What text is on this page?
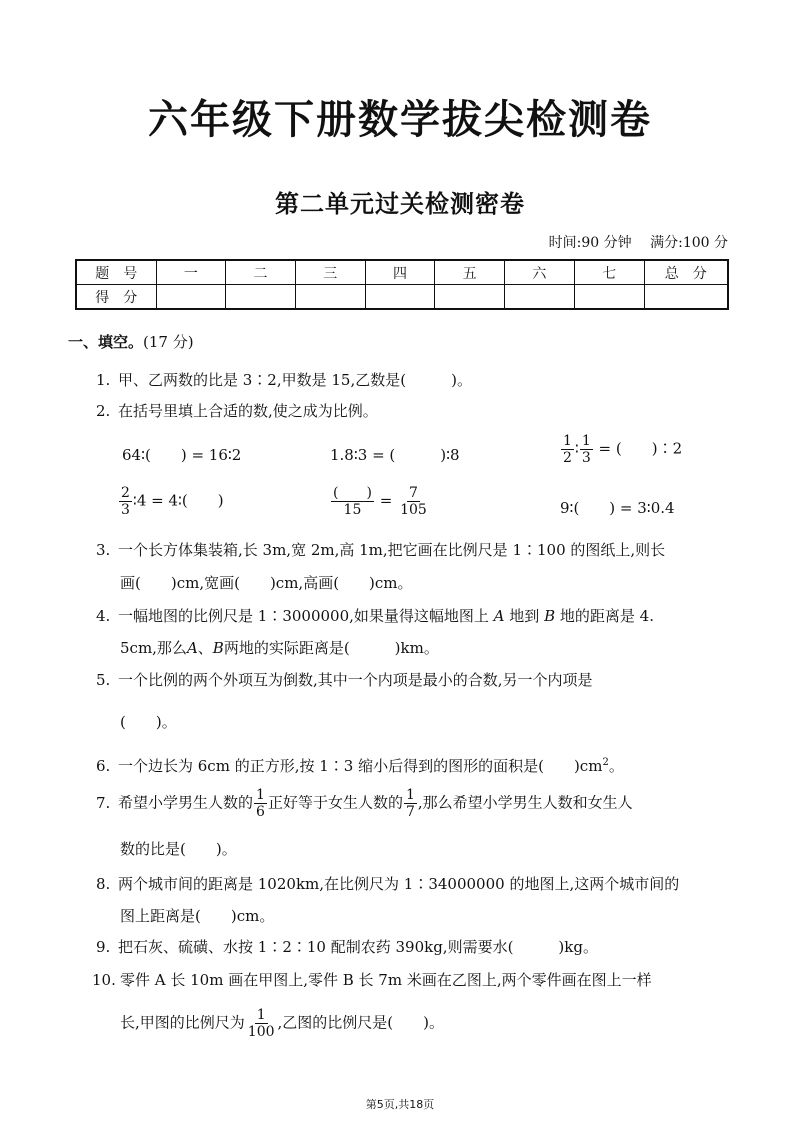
六年级下册数学拔尖检测卷
第二单元过关检测密卷
时间:90 分钟 满分:100 分
题　号	一	二	三	四	五	六	七	总　分
得　分								
一、填空。(17 分)
1. 甲、乙两数的比是 3∶2,甲数是 15,乙数是(　　　)。
2. 在括号里填上合适的数,使之成为比例。
64∶(　　) = 16∶2	1.8∶3 = (　　　)∶8	$\frac{1}{2}$ ∶ $\frac{1}{3}$ = (　　)∶2
$\frac{2}{3}$ ∶4 = 4∶(　　)	$\frac{( )}{15} = \frac{7}{105}$	9∶(　　) = 3∶0.4
3. 一个长方体集装箱,长 3m,宽 2m,高 1m,把它画在比例尺是 1∶100 的图纸上,则长
画(　　)cm,宽画(　　)cm,高画(　　)cm。
4. 一幅地图的比例尺是 1∶3000000,如果量得这幅地图上 A 地到 B 地的距离是 4.
5cm,那么A、B两地的实际距离是(　　　)km。
5. 一个比例的两个外项互为倒数,其中一个内项是最小的合数,另一个内项是
(　　)。
6. 一个边长为 6cm 的正方形,按 1∶3 缩小后得到的图形的面积是(　　)$cm^2$。
7. 希望小学男生人数的 $\frac{1}{6}$ 正好等于女生人数的 $\frac{1}{7}$ ,那么希望小学男生人数和女生人
数的比是(　　)。
8. 两个城市间的距离是 1020km,在比例尺为 1∶34000000 的地图上,这两个城市间的
图上距离是(　　)cm。
9. 把石灰、硫磺、水按 1∶2∶10 配制农药 390kg,则需要水(　　　)kg。
10. 零件 A 长 10m 画在甲图上,零件 B 长 7m 米画在乙图上,两个零件画在图上一样
长,甲图的比例尺为 $\frac{1}{100}$ ,乙图的比例尺是(　　)。
第5页,共18页
